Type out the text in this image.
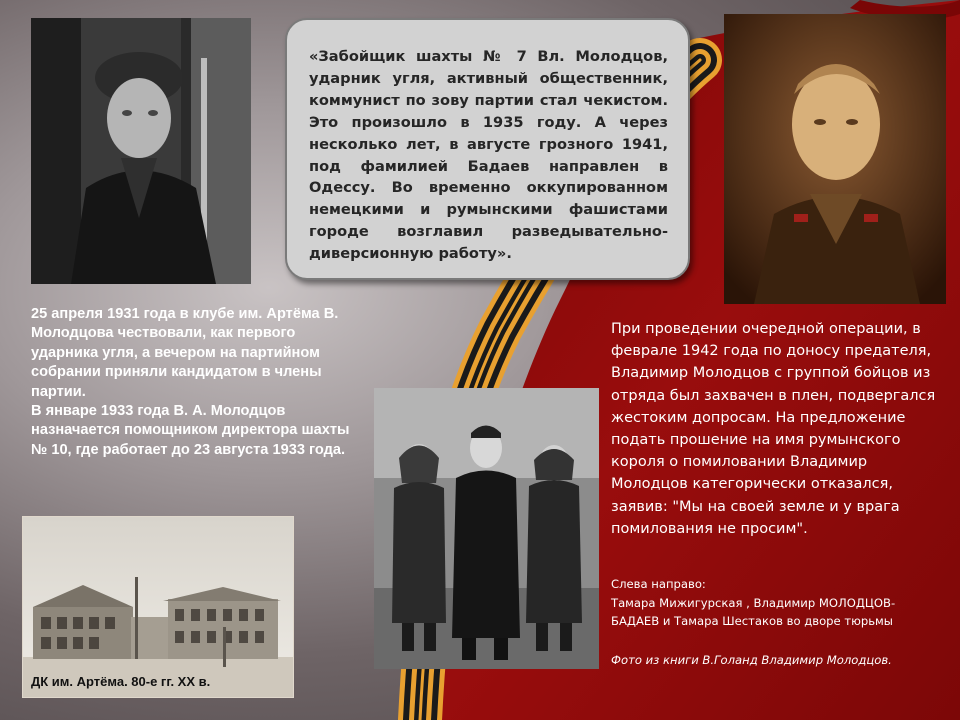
«Забойщик шахты № 7 Вл. Молодцов, ударник угля, активный общественник, коммунист по зову партии стал чекистом. Это произошло в 1935 году. А через несколько лет, в августе грозного 1941, под фамилией Бадаев направлен в Одессу. Во временно оккупированном немецкими и румынскими фашистами городе возглавил разведывательно-диверсионную работу».

25 апреля 1931 года в клубе им. Артёма В. Молодцова чествовали, как первого ударника угля, а вечером на партийном собрании приняли кандидатом в члены партии.

В январе 1933 года В. А. Молодцов назначается помощником директора шахты № 10, где работает до 23 августа 1933 года.

При проведении очередной операции, в феврале 1942 года по доносу предателя, Владимир Молодцов с группой бойцов из отряда был захвачен в плен, подвергался жестоким допросам. На предложение подать прошение на имя румынского короля о помиловании Владимир Молодцов категорически отказался, заявив: "Мы на своей земле и у врага помилования не просим".

Слева направо:
Тамара Мижигурская , Владимир МОЛОДЦОВ-
БАДАЕВ и Тамара Шестаков во дворе тюрьмы
Фото из книги В.Голанд Владимир Молодцов.
ДК им. Артёма. 80-е гг. XX в.
